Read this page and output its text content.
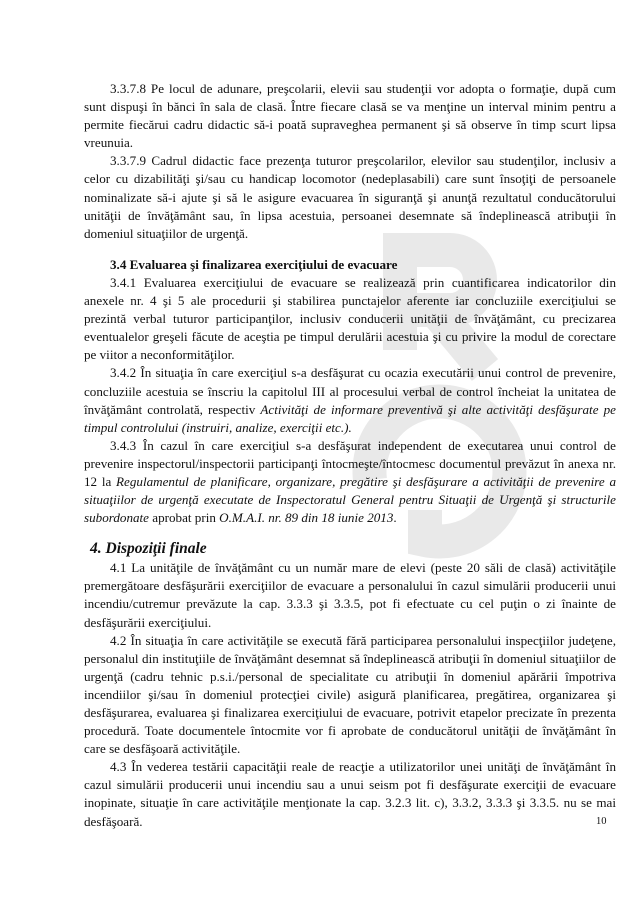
3.3.7.8 Pe locul de adunare, preşcolarii, elevii sau studenţii vor adopta o formaţie, după cum sunt dispuşi în bănci în sala de clasă. Între fiecare clasă se va menţine un interval minim pentru a permite fiecărui cadru didactic să-i poată supraveghea permanent şi să observe în timp scurt lipsa vreunuia.

3.3.7.9 Cadrul didactic face prezenţa tuturor preşcolarilor, elevilor sau studenţilor, inclusiv a celor cu dizabilităţi şi/sau cu handicap locomotor (nedeplasabili) care sunt însoţiţi de persoanele nominalizate să-i ajute şi să le asigure evacuarea în siguranţă şi anunţă rezultatul conducătorului unităţii de învăţământ sau, în lipsa acestuia, persoanei desemnate să îndeplinească atribuţii în domeniul situaţiilor de urgenţă.

3.4 Evaluarea şi finalizarea exerciţiului de evacuare

3.4.1 Evaluarea exerciţiului de evacuare se realizează prin cuantificarea indicatorilor din anexele nr. 4 şi 5 ale procedurii şi stabilirea punctajelor aferente iar concluziile exerciţiului se prezintă verbal tuturor participanţilor, inclusiv conducerii unităţii de învăţământ, cu precizarea eventualelor greşeli făcute de aceştia pe timpul derulării acestuia şi cu privire la modul de corectare pe viitor a neconformităţilor.

3.4.2 În situaţia în care exerciţiul s-a desfăşurat cu ocazia executării unui control de prevenire, concluziile acestuia se înscriu la capitolul III al procesului verbal de control încheiat la unitatea de învăţământ controlată, respectiv Activităţi de informare preventivă şi alte activităţi desfăşurate pe timpul controlului (instruiri, analize, exerciţii etc.).

3.4.3 În cazul în care exerciţiul s-a desfăşurat independent de executarea unui control de prevenire inspectorul/inspectorii participanţi întocmeşte/întocmesc documentul prevăzut în anexa nr. 12 la Regulamentul de planificare, organizare, pregătire şi desfăşurare a activităţii de prevenire a situaţiilor de urgenţă executate de Inspectoratul General pentru Situaţii de Urgenţă şi structurile subordonate aprobat prin O.M.A.I. nr. 89 din 18 iunie 2013.

4. Dispoziţii finale

4.1 La unităţile de învăţământ cu un număr mare de elevi (peste 20 săli de clasă) activităţile premergătoare desfăşurării exerciţiilor de evacuare a personalului în cazul simulării producerii unui incendiu/cutremur prevăzute la cap. 3.3.3 şi 3.3.5, pot fi efectuate cu cel puţin o zi înainte de desfăşurării exerciţiului.

4.2 În situaţia în care activităţile se execută fără participarea personalului inspecţiilor judeţene, personalul din instituţiile de învăţământ desemnat să îndeplinească atribuţii în domeniul situaţiilor de urgenţă (cadru tehnic p.s.i./personal de specialitate cu atribuţii în domeniul apărării împotriva incendiilor şi/sau în domeniul protecţiei civile) asigură planificarea, pregătirea, organizarea şi desfăşurarea, evaluarea şi finalizarea exerciţiului de evacuare, potrivit etapelor precizate în prezenta procedură. Toate documentele întocmite vor fi aprobate de conducătorul unităţii de învăţământ în care se desfăşoară activităţile.

4.3 În vederea testării capacităţii reale de reacţie a utilizatorilor unei unităţi de învăţământ în cazul simulării producerii unui incendiu sau a unui seism pot fi desfăşurate exerciţii de evacuare inopinate, situaţie în care activităţile menţionate la cap. 3.2.3 lit. c), 3.3.2, 3.3.3 şi 3.3.5. nu se mai desfăşoară.	10
